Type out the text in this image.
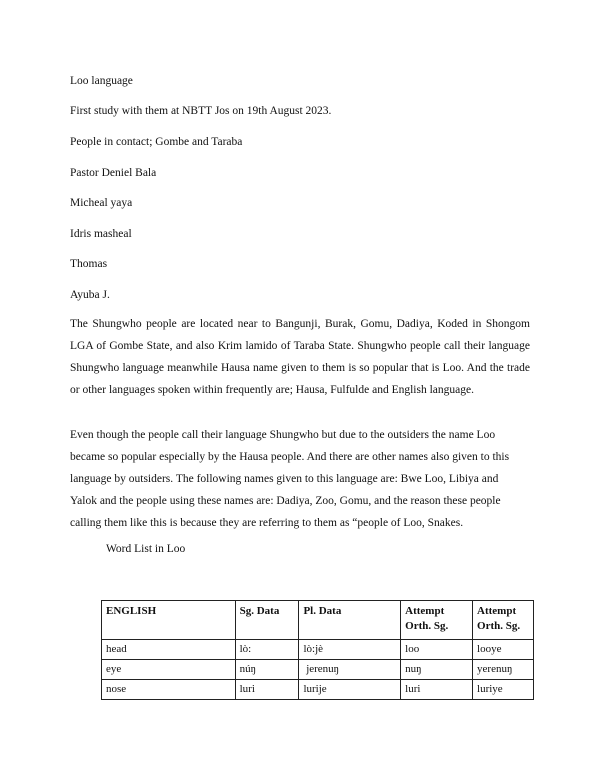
Loo language
First study with them at NBTT Jos on 19th August 2023.
People in contact; Gombe and Taraba
Pastor Deniel Bala
Micheal yaya
Idris masheal
Thomas
Ayuba J.
The Shungwho people are located near to Bangunji, Burak, Gomu, Dadiya, Koded in Shongom LGA of Gombe State, and also Krim lamido of Taraba State. Shungwho people call their language Shungwho language meanwhile Hausa name given to them is so popular that is Loo. And the trade or other languages spoken within frequently are; Hausa, Fulfulde and English language.
Even though the people call their language Shungwho but due to the outsiders the name Loo
became so popular especially by the Hausa people. And there are other names also given to this
language by outsiders. The following names given to this language are: Bwe Loo, Libiya and
Yalok and the people using these names are: Dadiya, Zoo, Gomu, and the reason these people
calling them like this is because they are referring to them as “people of Loo, Snakes.
Word List in Loo
ENGLISH	Sg. Data	Pl. Data	Attempt Orth. Sg.	Attempt Orth. Sg.
head	lò:	lò:jè	loo	looye
eye	núŋ	jerenuŋ	nuŋ	yerenuŋ
nose	luri	lurije	luri	luriye
